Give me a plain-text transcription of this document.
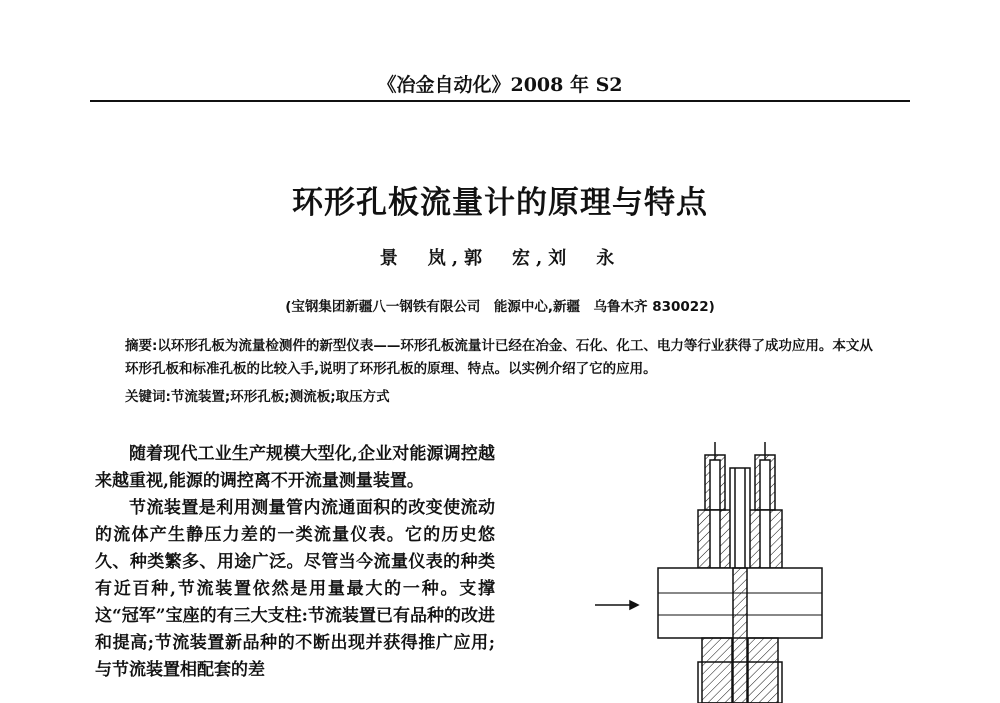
《冶金自动化》2008 年 S2
环形孔板流量计的原理与特点
景　岚,郭　宏,刘　永
(宝钢集团新疆八一钢铁有限公司　能源中心,新疆　乌鲁木齐 830022)

摘要:以环形孔板为流量检测件的新型仪表——环形孔板流量计已经在冶金、石化、化工、电力等行业获得了成功应用。本文从环形孔板和标准孔板的比较入手,说明了环形孔板的原理、特点。以实例介绍了它的应用。

关键词:节流装置;环形孔板;测流板;取压方式

随着现代工业生产规模大型化,企业对能源调控越来越重视,能源的调控离不开流量测量装置。

节流装置是利用测量管内流通面积的改变使流动的流体产生静压力差的一类流量仪表。它的历史悠久、种类繁多、用途广泛。尽管当今流量仪表的种类有近百种,节流装置依然是用量最大的一种。支撑这“冠军”宝座的有三大支柱:节流装置已有品种的改进和提高;节流装置新品种的不断出现并获得推广应用;与节流装置相配套的差
